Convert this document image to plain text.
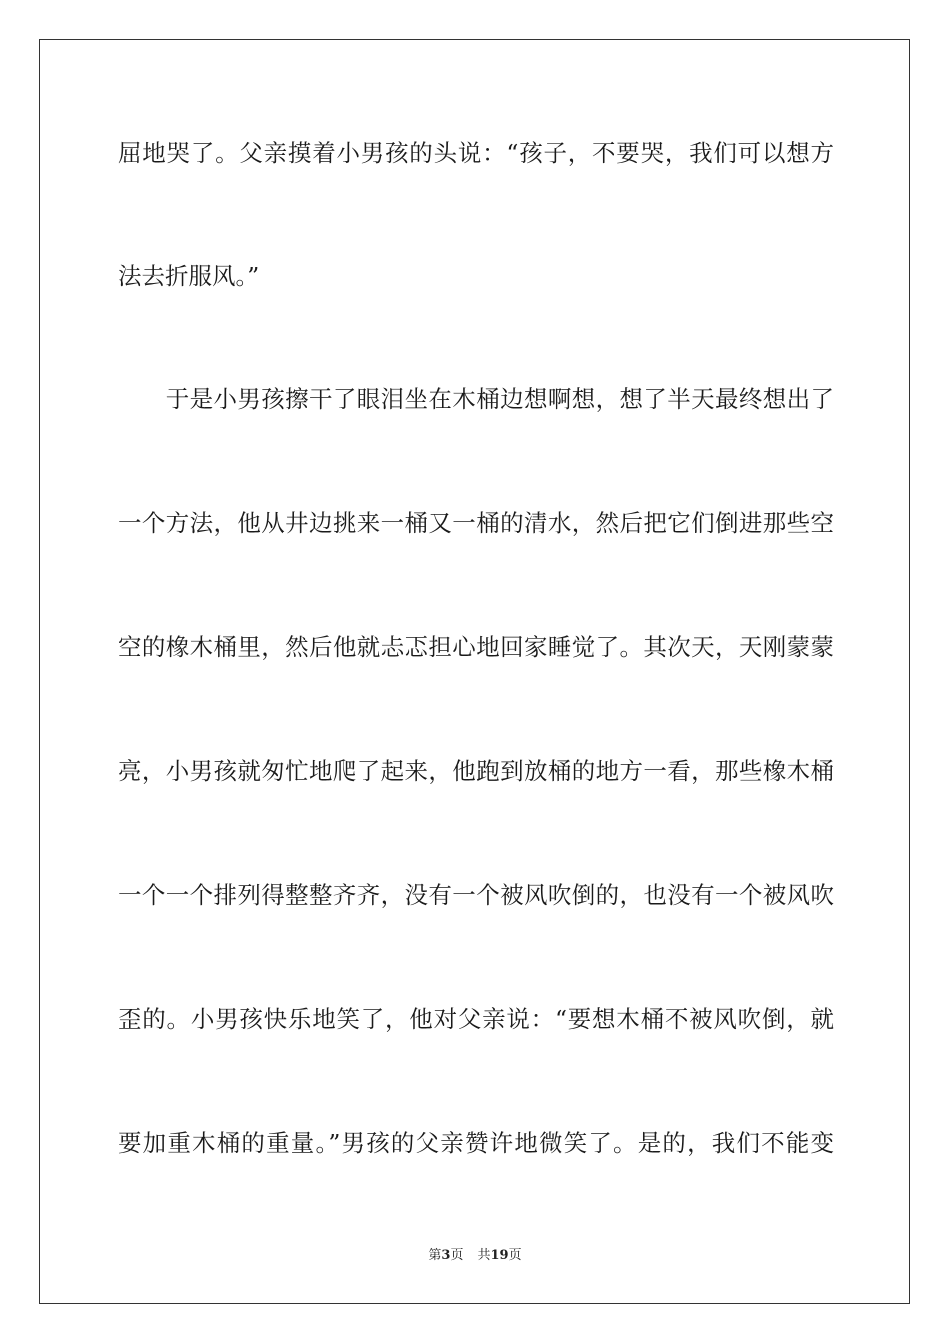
屈地哭了。父亲摸着小男孩的头说：“孩子，不要哭，我们可以想方
法去折服风。”
　　于是小男孩擦干了眼泪坐在木桶边想啊想，想了半天最终想出了
一个方法，他从井边挑来一桶又一桶的清水，然后把它们倒进那些空
空的橡木桶里，然后他就忐忑担心地回家睡觉了。其次天，天刚蒙蒙
亮，小男孩就匆忙地爬了起来，他跑到放桶的地方一看，那些橡木桶
一个一个排列得整整齐齐，没有一个被风吹倒的，也没有一个被风吹
歪的。小男孩快乐地笑了，他对父亲说：“要想木桶不被风吹倒，就
要加重木桶的重量。”男孩的父亲赞许地微笑了。是的，我们不能变
第3页 共19页
